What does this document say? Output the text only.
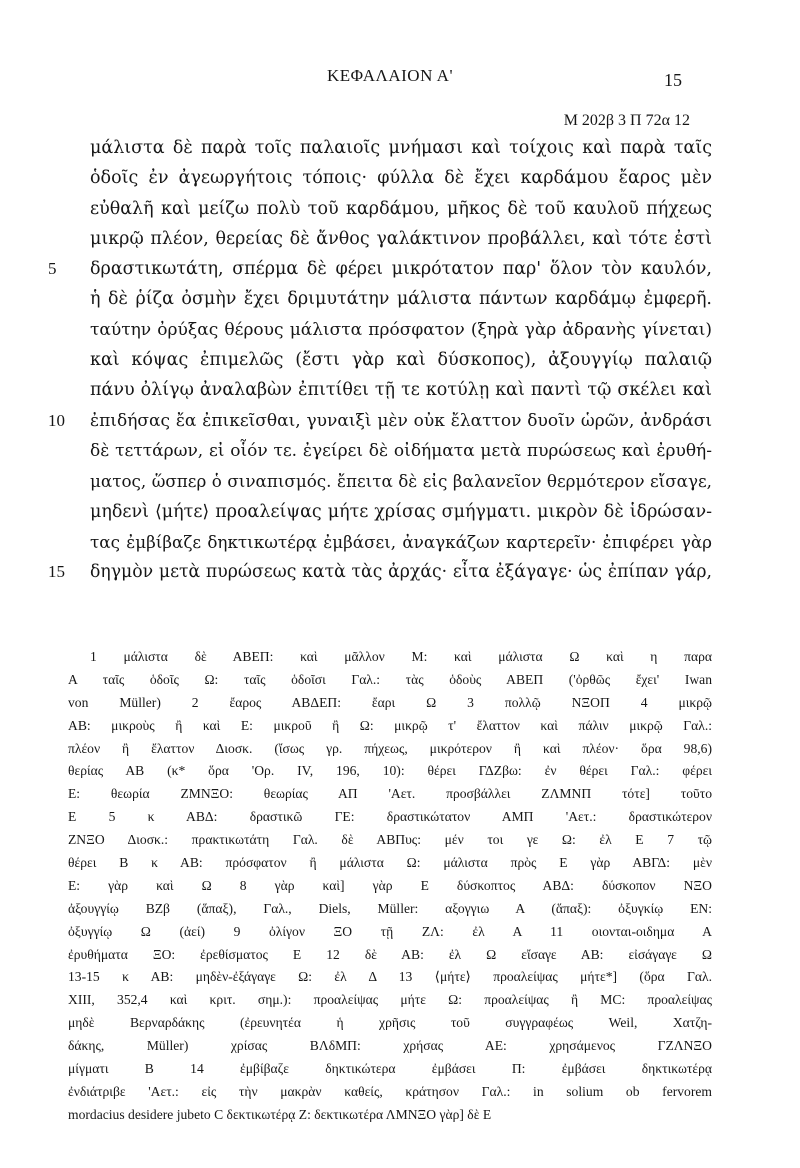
ΚΕΦΑΛΑΙΟΝ Α'	15
M 202β 3 Π 72α 12
μάλιστα δὲ παρὰ τοῖς παλαιοῖς μνήμασι καὶ τοίχοις καὶ παρὰ ταῖς
ὁδοῖς ἐν ἀγεωργήτοις τόποις· φύλλα δὲ ἔχει καρδάμου ἔαρος μὲν
εὐθαλῆ καὶ μείζω πολὺ τοῦ καρδάμου, μῆκος δὲ τοῦ καυλοῦ πήχεως
μικρῷ πλέον, θερείας δὲ ἄνθος γαλάκτινον προβάλλει, καὶ τότε ἐστὶ
5 δραστικωτάτη, σπέρμα δὲ φέρει μικρότατον παρ' ὅλον τὸν καυλόν,
ἡ δὲ ῥίζα ὀσμὴν ἔχει δριμυτάτην μάλιστα πάντων καρδάμῳ ἐμφερῆ.
ταύτην ὀρύξας θέρους μάλιστα πρόσφατον (ξηρὰ γὰρ ἀδρανὴς γίνεται)
καὶ κόψας ἐπιμελῶς (ἔστι γὰρ καὶ δύσκοπος), ἀξουγγίῳ παλαιῷ
πάνυ ὀλίγῳ ἀναλαβὼν ἐπιτίθει τῇ τε κοτύλῃ καὶ παντὶ τῷ σκέλει καὶ
10 ἐπιδήσας ἔα ἐπικεῖσθαι, γυναιξὶ μὲν οὐκ ἔλαττον δυοῖν ὡρῶν, ἀνδράσι
δὲ τεττάρων, εἰ οἷόν τε. ἐγείρει δὲ οἰδήματα μετὰ πυρώσεως καὶ ἐρυθή-
ματος, ὥσπερ ὁ σιναπισμός. ἔπειτα δὲ εἰς βαλανεῖον θερμότερον εἴσαγε,
μηδενὶ ⟨μήτε⟩ προαλείψας μήτε χρίσας σμήγματι. μικρὸν δὲ ἱδρώσαν-
τας ἐμβίβαζε δηκτικωτέρᾳ ἐμβάσει, ἀναγκάζων καρτερεῖν· ἐπιφέρει γὰρ
15 δηγμὸν μετὰ πυρώσεως κατὰ τὰς ἀρχάς· εἶτα ἐξάγαγε· ὡς ἐπίπαν γάρ,
1 μάλιστα δὲ ΑΒΕΠ: καὶ μᾶλλον Μ: καὶ μάλιστα Ω καὶ η παρα
Α ταῖς ὁδοῖς Ω: ταῖς ὁδοῖσι Γαλ.: τὰς ὁδοὺς ΑΒΕΠ ('ὀρθῶς ἔχει' Iwan
von Müller) 2 ἔαρος ΑΒΔΕΠ: ἔαρι Ω 3 πολλῷ ΝΞΟΠ 4 μικρῷ
ΑΒ: μικροὺς ἢ καὶ Ε: μικροῦ ἢ Ω: μικρῷ τ' ἔλαττον καὶ πάλιν μικρῷ Γαλ.:
πλέον ἢ ἔλαττον Διοσκ. (ἴσως γρ. πήχεως, μικρότερον ἢ καὶ πλέον· ὅρα 98,6)
θερίας ΑΒ (κ* ὅρα 'Ορ. IV, 196, 10): θέρει ΓΔΖβω: ἐν θέρει Γαλ.: φέρει
Ε: θεωρία ΖΜΝΞΟ: θεωρίας ΑΠ 'Αετ. προσβάλλει ΖΛΜΝΠ τότε] τοῦτο
Ε 5 κ ΑΒΔ: δραστικῶ ΓΕ: δραστικώτατον ΑΜΠ 'Αετ.: δραστικώτερον
ΖΝΞΟ Διοσκ.: πρακτικωτάτη Γαλ. δὲ ΑΒΠυς: μέν τοι γε Ω: ἐλ Ε 7 τῷ
θέρει Β κ ΑΒ: πρόσφατον ἢ μάλιστα Ω: μάλιστα πρὸς Ε γὰρ ΑΒΓΔ: μὲν
Ε: γὰρ καὶ Ω 8 γὰρ καὶ] γὰρ Ε δύσκοπτος ΑΒΔ: δύσκοπον ΝΞΟ
ἀξουγγίῳ ΒΖβ (ἅπαξ), Γαλ., Diels, Müller: αξογγιω Α (ἅπαξ): ὀξυγκίῳ ΕΝ:
ὀξυγγίῳ Ω (ἀεί) 9 ὀλίγον ΞΟ τῇ ΖΛ: ἐλ Α 11 οιονται-οιδημα Α
ἐρυθήματα ΞΟ: ἐρεθίσματος Ε 12 δὲ ΑΒ: ἐλ Ω εἴσαγε ΑΒ: εἰσάγαγε Ω
13-15 κ ΑΒ: μηδὲν-ἐξάγαγε Ω: ἐλ Δ 13 ⟨μήτε⟩ προαλείψας μήτε*] (ὅρα Γαλ.
XIII, 352,4 καὶ κριτ. σημ.): προαλείψας μήτε Ω: προαλείψας ἢ MC: προαλείψας
μηδὲ Βερναρδάκης (ἐρευνητέα ἡ χρῆσις τοῦ συγγραφέως Weil, Χατζη-
δάκης, Müller) χρίσας ΒΛδΜΠ: χρήσας ΑΕ: χρησάμενος ΓΖΛΝΞΟ
μίγματι Β 14 ἐμβίβαζε δηκτικώτερα ἐμβάσει Π: ἐμβάσει δηκτικωτέρᾳ
ἐνδιάτριβε 'Αετ.: εἰς τὴν μακρὰν καθείς, κράτησον Γαλ.: in solium ob fervorem
mordacius desidere jubeto C δεκτικωτέρᾳ Ζ: δεκτικωτέρα ΛΜΝΞΟ γὰρ] δὲ Ε
